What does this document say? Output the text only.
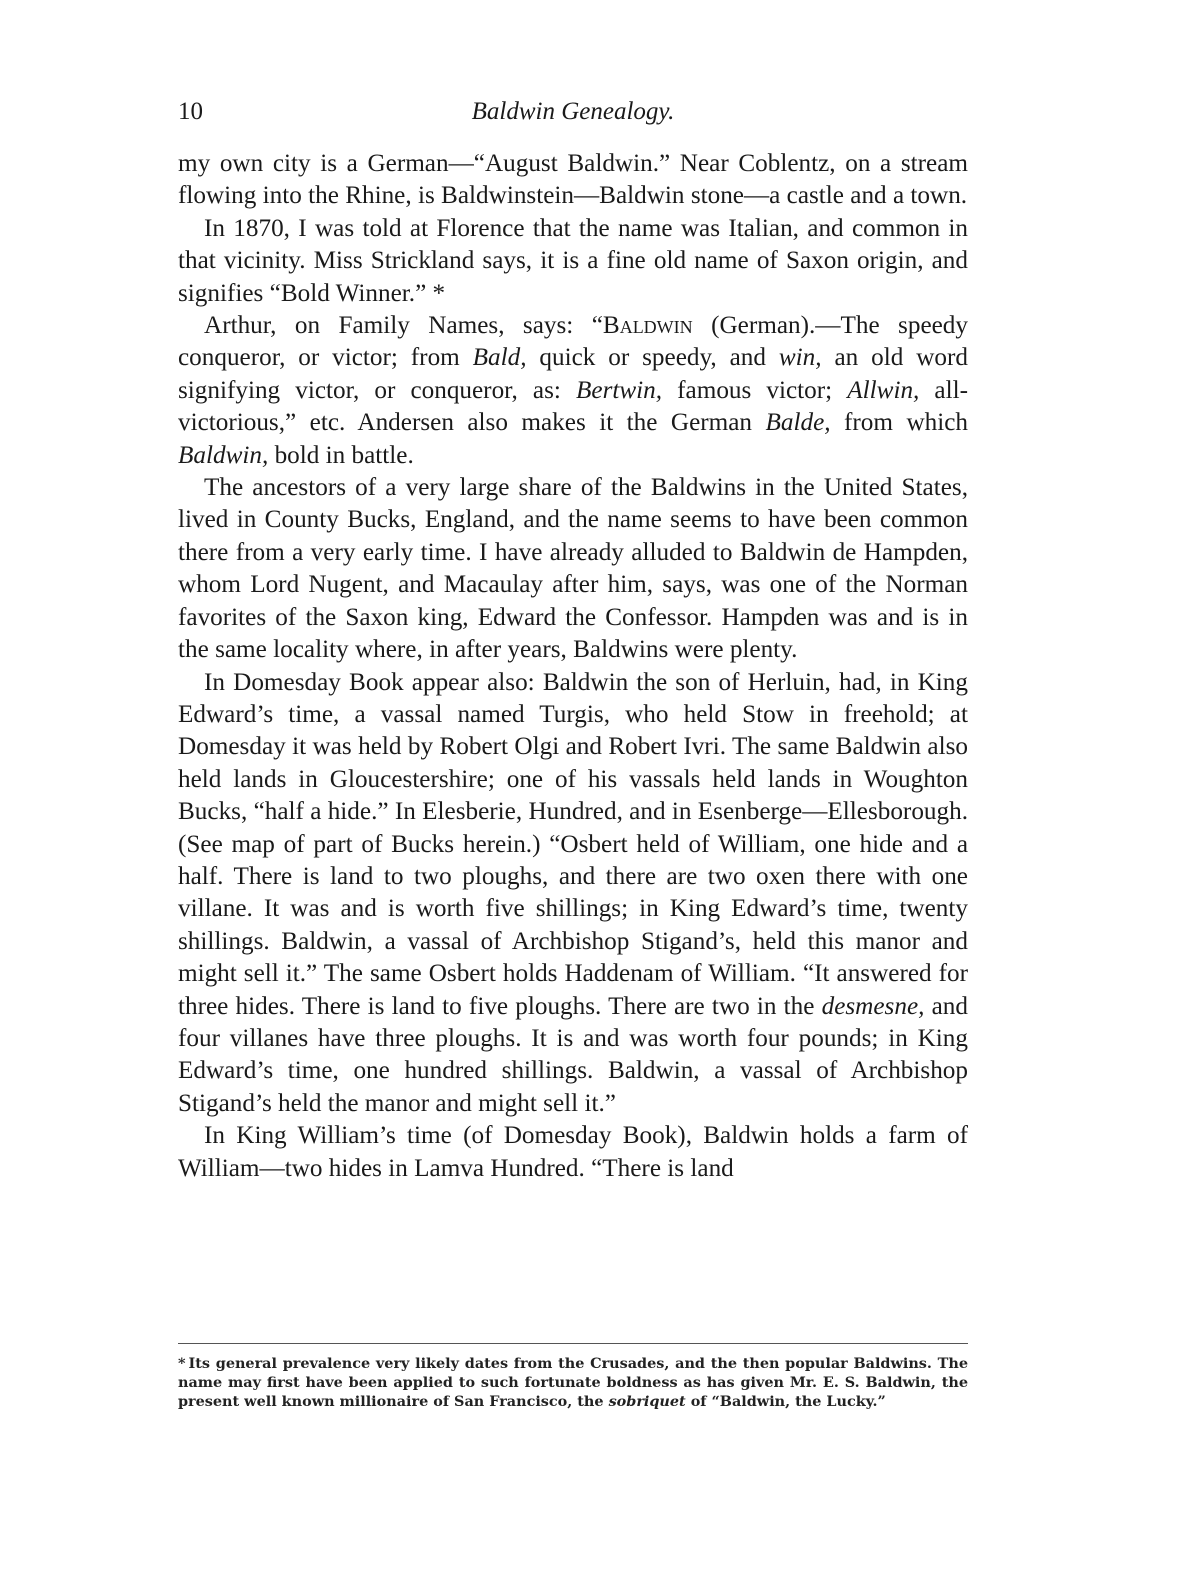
10	Baldwin Genealogy.

my own city is a German—“August Baldwin.” Near Coblentz, on a stream flowing into the Rhine, is Baldwinstein—Baldwin stone—a castle and a town.

In 1870, I was told at Florence that the name was Italian, and common in that vicinity. Miss Strickland says, it is a fine old name of Saxon origin, and signifies “Bold Winner.” *

Arthur, on Family Names, says: “Baldwin (German).—The speedy conqueror, or victor; from Bald, quick or speedy, and win, an old word signifying victor, or conqueror, as: Bertwin, famous victor; Allwin, all-victorious,” etc. Andersen also makes it the German Balde, from which Baldwin, bold in battle.

The ancestors of a very large share of the Baldwins in the United States, lived in County Bucks, England, and the name seems to have been common there from a very early time. I have already alluded to Baldwin de Hampden, whom Lord Nugent, and Macaulay after him, says, was one of the Norman favorites of the Saxon king, Edward the Confessor. Hampden was and is in the same locality where, in after years, Baldwins were plenty.

In Domesday Book appear also: Baldwin the son of Herluin, had, in King Edward’s time, a vassal named Turgis, who held Stow in freehold; at Domesday it was held by Robert Olgi and Robert Ivri. The same Baldwin also held lands in Gloucestershire; one of his vassals held lands in Woughton Bucks, “half a hide.” In Elesberie, Hundred, and in Esenberge—Ellesborough. (See map of part of Bucks herein.) “Osbert held of William, one hide and a half. There is land to two ploughs, and there are two oxen there with one villane. It was and is worth five shillings; in King Edward’s time, twenty shillings. Baldwin, a vassal of Archbishop Stigand’s, held this manor and might sell it.” The same Osbert holds Haddenam of William. “It answered for three hides. There is land to five ploughs. There are two in the desmesne, and four villanes have three ploughs. It is and was worth four pounds; in King Edward’s time, one hundred shillings. Baldwin, a vassal of Archbishop Stigand’s held the manor and might sell it.”

In King William’s time (of Domesday Book), Baldwin holds a farm of William—two hides in Lamva Hundred. “There is land

* Its general prevalence very likely dates from the Crusades, and the then popular Baldwins. The name may first have been applied to such fortunate boldness as has given Mr. E. S. Baldwin, the present well known millionaire of San Francisco, the sobriquet of “Baldwin, the Lucky.”
